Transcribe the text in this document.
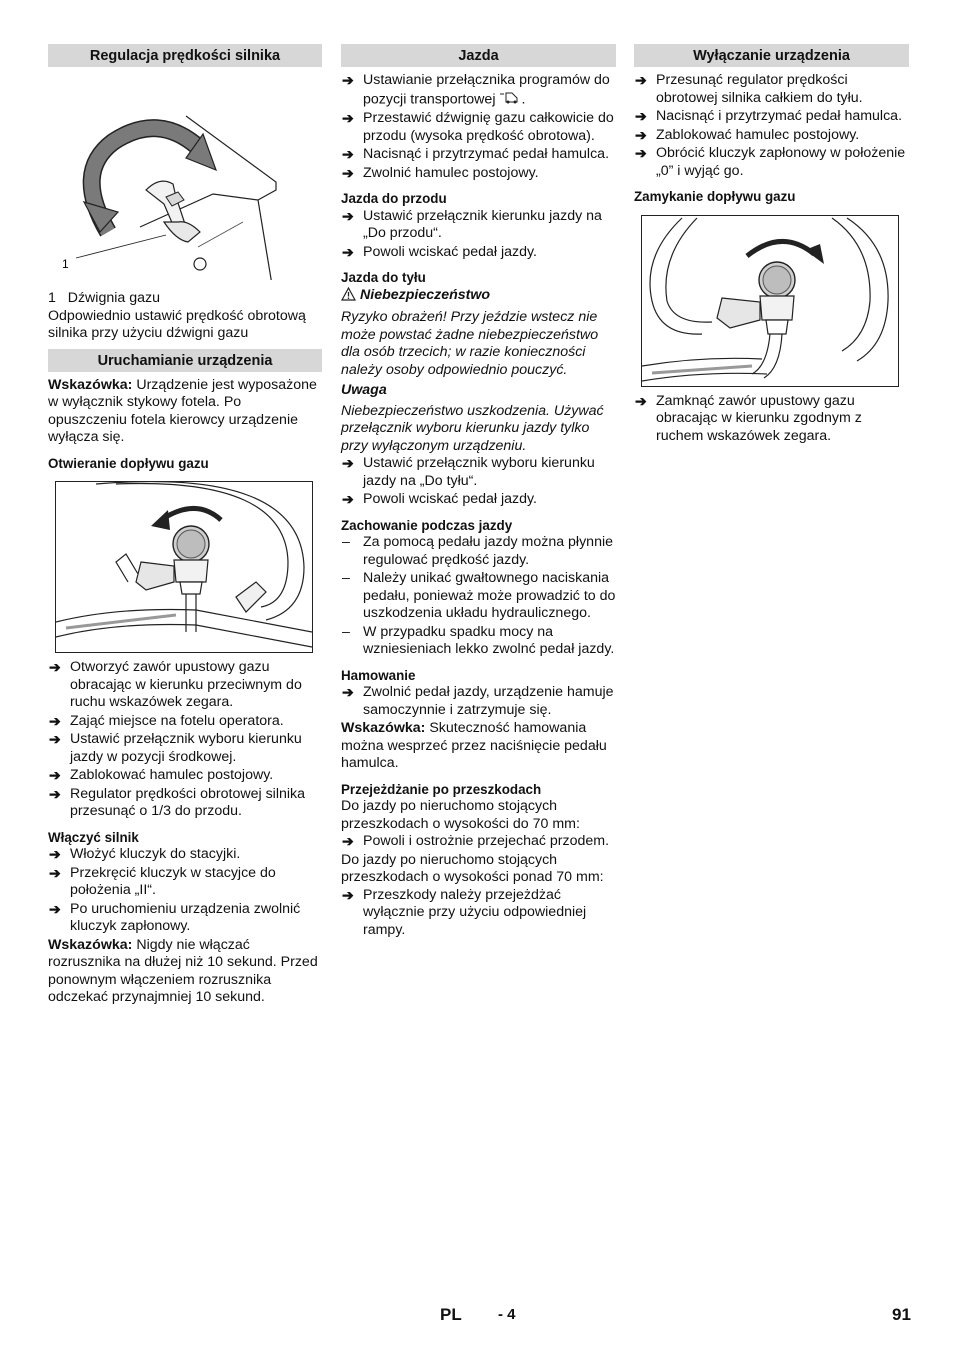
Regulacja prędkości silnika
1

1 Dźwignia gazu

Odpowiednio ustawić prędkość obrotową silnika przy użyciu dźwigni gazu

Uruchamianie urządzenia

Wskazówka: Urządzenie jest wyposażone w wyłącznik stykowy fotela. Po opuszczeniu fotela kierowcy urządzenie wyłącza się.

Otwieranie dopływu gazu
➔ Otworzyć zawór upustowy gazu obracając w kierunku przeciwnym do ruchu wskazówek zegara.
➔ Zająć miejsce na fotelu operatora.
➔ Ustawić przełącznik wyboru kierunku jazdy w pozycji środkowej.
➔ Zablokować hamulec postojowy.
➔ Regulator prędkości obrotowej silnika przesunąć o 1/3 do przodu.
Włączyć silnik
➔ Włożyć kluczyk do stacyjki.
➔ Przekręcić kluczyk w stacyjce do położenia „II“.
➔ Po uruchomieniu urządzenia zwolnić kluczyk zapłonowy.

Wskazówka: Nigdy nie włączać rozrusznika na dłużej niż 10 sekund. Przed ponownym włączeniem rozrusznika odczekać przynajmniej 10 sekund.

Jazda
➔ Ustawianie przełącznika programów do pozycji transportowej .
➔ Przestawić dźwignię gazu całkowicie do przodu (wysoka prędkość obrotowa).
➔ Nacisnąć i przytrzymać pedał hamulca.
➔ Zwolnić hamulec postojowy.
Jazda do przodu
➔ Ustawić przełącznik kierunku jazdy na „Do przodu“.
➔ Powoli wciskać pedał jazdy.
Jazda do tyłu

Niebezpieczeństwo

Ryzyko obrażeń! Przy jeździe wstecz nie może powstać żadne niebezpieczeństwo dla osób trzecich; w razie konieczności należy osoby odpowiednio pouczyć.

Uwaga

Niebezpieczeństwo uszkodzenia. Używać przełącznik wyboru kierunku jazdy tylko przy wyłączonym urządzeniu.

➔ Ustawić przełącznik wyboru kierunku jazdy na „Do tyłu“.
➔ Powoli wciskać pedał jazdy.
Zachowanie podczas jazdy
– Za pomocą pedału jazdy można płynnie regulować prędkość jazdy.
– Należy unikać gwałtownego naciskania pedału, ponieważ może prowadzić to do uszkodzenia układu hydraulicznego.
– W przypadku spadku mocy na wzniesieniach lekko zwolnć pedał jazdy.
Hamowanie
➔ Zwolnić pedał jazdy, urządzenie hamuje samoczynnie i zatrzymuje się.

Wskazówka: Skuteczność hamowania można wesprzeć przez naciśnięcie pedału hamulca.

Przejeżdżanie po przeszkodach

Do jazdy po nieruchomo stojących przeszkodach o wysokości do 70 mm:

➔ Powoli i ostrożnie przejechać przodem.

Do jazdy po nieruchomo stojących przeszkodach o wysokości ponad 70 mm:

➔ Przeszkody należy przejeżdżać wyłącznie przy użyciu odpowiedniej rampy.
Wyłączanie urządzenia
➔ Przesunąć regulator prędkości obrotowej silnika całkiem do tyłu.
➔ Nacisnąć i przytrzymać pedał hamulca.
➔ Zablokować hamulec postojowy.
➔ Obrócić kluczyk zapłonowy w położenie „0” i wyjąć go.
Zamykanie dopływu gazu
➔ Zamknąć zawór upustowy gazu obracając w kierunku zgodnym z ruchem wskazówek zegara.
PL - 4	91
